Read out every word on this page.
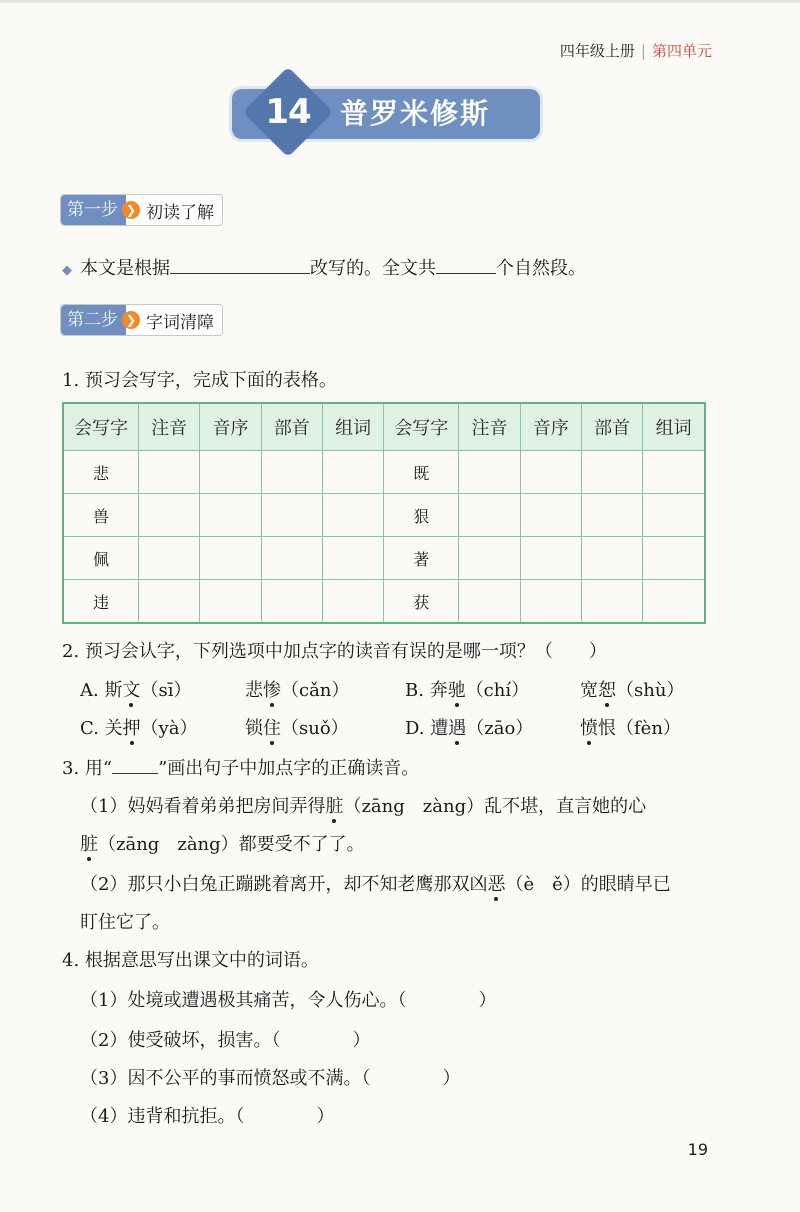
四年级上册 | 第四单元
14	普罗米修斯
第一步 ❯ 初读了解
◆ 本文是根据	改写的。全文共	个自然段。
第二步 ❯ 字词清障
1. 预习会写字，完成下面的表格。
会写字	注音	音序	部首	组词	会写字	注音	音序	部首	组词
悲					既				
兽					狠				
佩					著				
违					获				
2. 预习会认字，下列选项中加点字的读音有误的是哪一项？（　　）
A. 斯文（sī）	悲惨（cǎn）	B. 奔驰（chí）	宽恕（shù）
C. 关押（yà）	锁住（suǒ）	D. 遭遇（zāo）	愤恨（fèn）
3. 用“	”画出句子中加点字的正确读音。
（1）妈妈看着弟弟把房间弄得脏（zāng　zàng）乱不堪，直言她的心
脏（zāng　zàng）都要受不了了。
（2）那只小白兔正蹦跳着离开，却不知老鹰那双凶恶（è　ě）的眼睛早已
盯住它了。
4. 根据意思写出课文中的词语。
（1）处境或遭遇极其痛苦，令人伤心。（　　　　）
（2）使受破坏，损害。（　　　　）
（3）因不公平的事而愤怒或不满。（　　　　）
（4）违背和抗拒。（　　　　）
19
